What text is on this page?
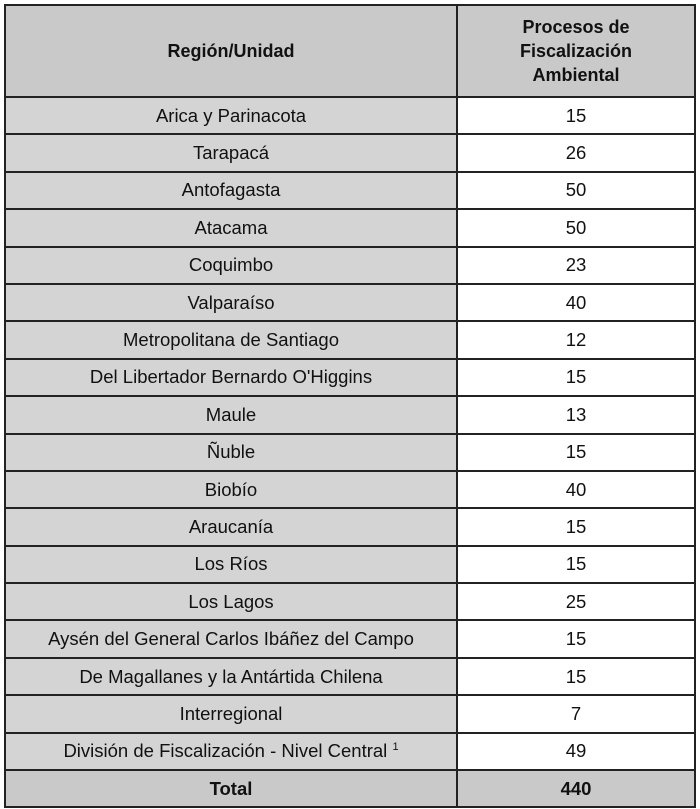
Región/Unidad	Procesos de Fiscalización Ambiental

Arica y Parinacota	15
Tarapacá	26
Antofagasta	50
Atacama	50
Coquimbo	23
Valparaíso	40
Metropolitana de Santiago	12
Del Libertador Bernardo O'Higgins	15
Maule	13
Ñuble	15
Biobío	40
Araucanía	15
Los Ríos	15
Los Lagos	25
Aysén del General Carlos Ibáñez del Campo	15
De Magallanes y la Antártida Chilena	15
Interregional	7
División de Fiscalización - Nivel Central $^1$	49
Total	440
